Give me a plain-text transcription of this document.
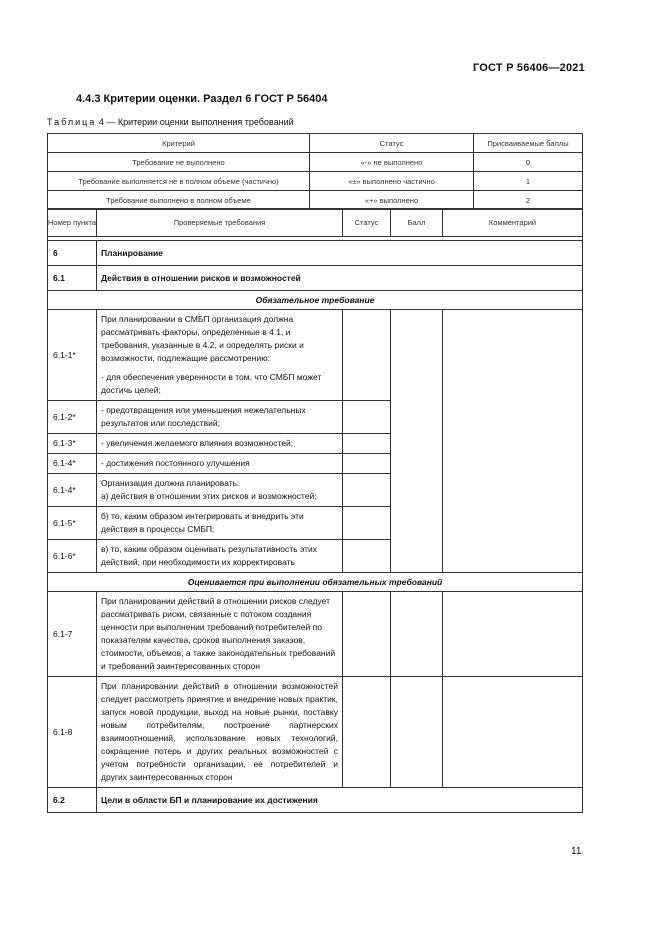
ГОСТ Р 56406—2021
4.4.3 Критерии оценки. Раздел 6 ГОСТ Р 56404
Таблица 4 — Критерии оценки выполнения требований
Критерий	Статус	Присваиваемые баллы
Требование не выполнено	«-» не выполнено	0
Требование выполняется не в полном объеме (частично)	«±» выполнено частично	1
Требование выполнено в полном объеме	«+» выполнено	2
Номер пункта	Проверяемые требования	Статус	Балл	Комментарий

6	Планирование			
6.1	Действия в отношении рисков и возможностей			
Обязательное требование				
6.1-1*	При планировании в СМБП организация должна рассматривать факторы, определенные в 4.1, и требования, указанные в 4.2, и определять риски и возможности, подлежащие рассмотрению:

- для обеспечения уверенности в том, что СМБП может достичь целей;			

6.1-2*	- предотвращения или уменьшения нежелательных результатов или последствий;			
6.1-3*	- увеличения желаемого влияния возможностей;			
6.1-4*	- достижения постоянного улучшения			
6.1-4*	Организация должна планировать:

а) действия в отношении этих рисков и возможностей;			

6.1-5*	б) то, каким образом интегрировать и внедрить эти действия в процессы СМБП;			
6.1-6*	в) то, каким образом оценивать результативность этих действий, при необходимости их корректировать			
Оценивается при выполнении обязательных требований				
6.1-7	При планировании действий в отношении рисков следует рассматривать риски, связанные с потоком создания ценности при выполнении требований потребителей по показателям качества, сроков выполнения заказов, стоимости, объемов, а также законодательных требований и требований заинтересованных сторон			
6.1-8	При планировании действий в отношении возможностей следует рассмотреть принятие и внедрение новых практик, запуск новой продукции, выход на новые рынки, поставку новым потребителям, построение партнерских взаимоотношений, использование новых технологий, сокращение потерь и других реальных возможностей с учетом потребности организации, ее потребителей и других заинтересованных сторон			
6.2	Цели в области БП и планирование их достижения			
11
